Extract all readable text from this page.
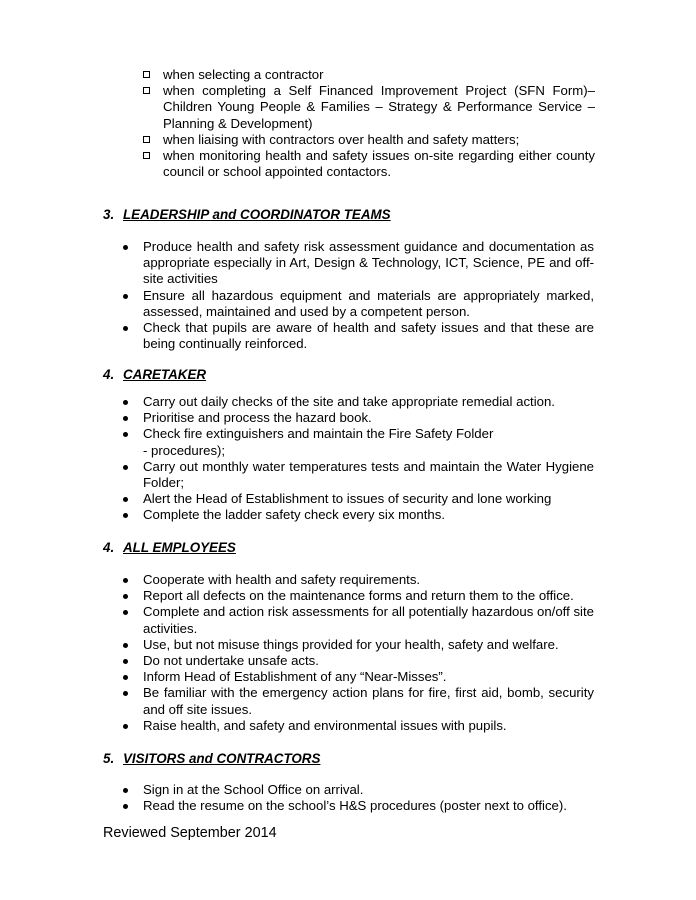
when selecting a contractor
when completing a Self Financed Improvement Project (SFN Form)– Children Young People & Families – Strategy & Performance Service – Planning & Development)
when liaising with contractors over health and safety matters;
when monitoring health and safety issues on-site regarding either county council or school appointed contactors.
3. LEADERSHIP and COORDINATOR TEAMS
Produce health and safety risk assessment guidance and documentation as appropriate especially in Art, Design & Technology, ICT, Science, PE and off-site activities
Ensure all hazardous equipment and materials are appropriately marked, assessed, maintained and used by a competent person.
Check that pupils are aware of health and safety issues and that these are being continually reinforced.
4. CARETAKER
Carry out daily checks of the site and take appropriate remedial action.
Prioritise and process the hazard book.
Check fire extinguishers and maintain the Fire Safety Folder
- procedures);
Carry out monthly water temperatures tests and maintain the Water Hygiene Folder;
Alert the Head of Establishment to issues of security and lone working
Complete the ladder safety check every six months.
4. ALL EMPLOYEES
Cooperate with health and safety requirements.
Report all defects on the maintenance forms and return them to the office.
Complete and action risk assessments for all potentially hazardous on/off site activities.
Use, but not misuse things provided for your health, safety and welfare.
Do not undertake unsafe acts.
Inform Head of Establishment of any “Near-Misses”.
Be familiar with the emergency action plans for fire, first aid, bomb, security and off site issues.
Raise health, and safety and environmental issues with pupils.
5. VISITORS and CONTRACTORS
Sign in at the School Office on arrival.
Read the resume on the school’s H&S procedures (poster next to office).
Reviewed September 2014
